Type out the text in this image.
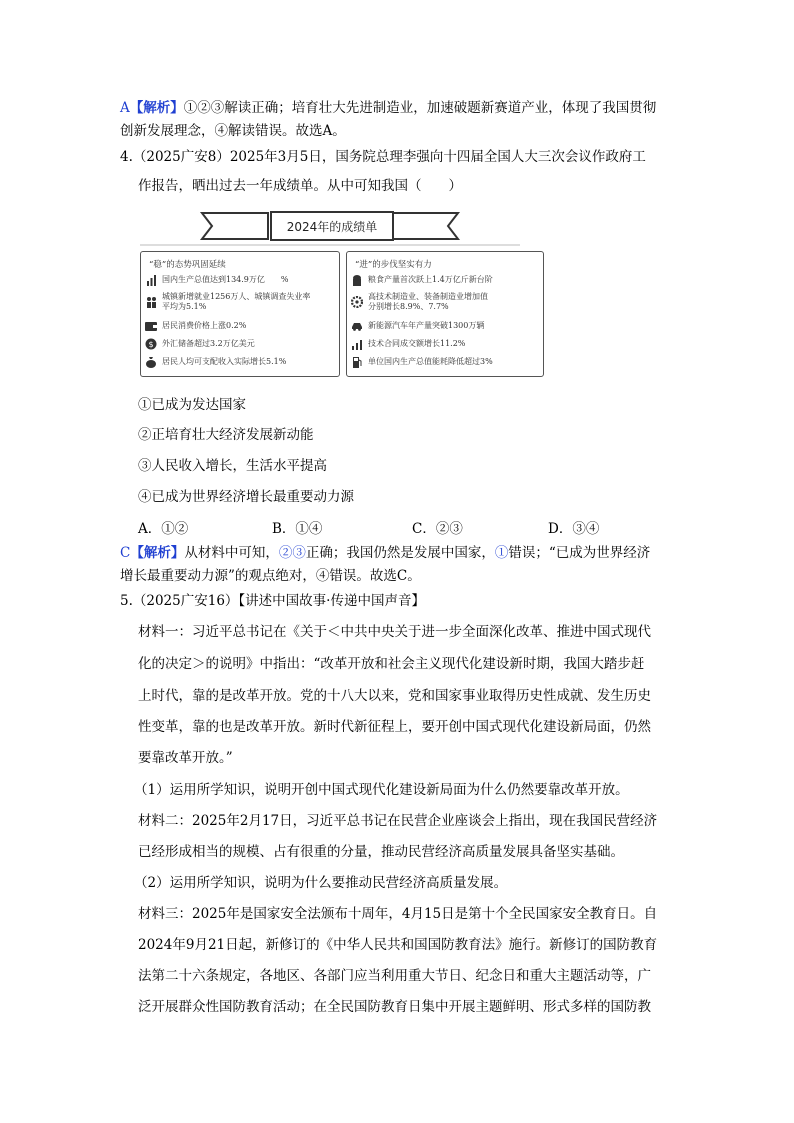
A【解析】①②③解读正确；培育壮大先进制造业，加速破题新赛道产业，体现了我国贯彻
创新发展理念，④解读错误。故选A。
4.（2025广安8）2025年3月5日，国务院总理李强向十四届全国人大三次会议作政府工
作报告，晒出过去一年成绩单。从中可知我国（　　）
2024年的成绩单
“稳”的态势巩固延续
国内生产总值达到134.9万亿　　%
城镇新增就业1256万人、城镇调查失业率
平均为5.1%
居民消费价格上涨0.2%
$ 外汇储备超过3.2万亿美元
居民人均可支配收入实际增长5.1%
“进”的步伐坚实有力
粮食产量首次跃上1.4万亿斤新台阶
高技术制造业、装备制造业增加值
分别增长8.9%、7.7%
新能源汽车年产量突破1300万辆
技术合同成交额增长11.2%
单位国内生产总值能耗降低超过3%
①已成为发达国家
②正培育壮大经济发展新动能
③人民收入增长，生活水平提高
④已成为世界经济增长最重要动力源
A．①②	B．①④	C．②③	D．③④
C【解析】从材料中可知，②③正确；我国仍然是发展中国家，①错误；“已成为世界经济
增长最重要动力源”的观点绝对，④错误。故选C。
5.（2025广安16）【讲述中国故事·传递中国声音】
材料一：习近平总书记在《关于＜中共中央关于进一步全面深化改革、推进中国式现代
化的决定＞的说明》中指出：“改革开放和社会主义现代化建设新时期，我国大踏步赶
上时代，靠的是改革开放。党的十八大以来，党和国家事业取得历史性成就、发生历史
性变革，靠的也是改革开放。新时代新征程上，要开创中国式现代化建设新局面，仍然
要靠改革开放。”
（1）运用所学知识，说明开创中国式现代化建设新局面为什么仍然要靠改革开放。
材料二：2025年2月17日，习近平总书记在民营企业座谈会上指出，现在我国民营经济
已经形成相当的规模、占有很重的分量，推动民营经济高质量发展具备坚实基础。
（2）运用所学知识，说明为什么要推动民营经济高质量发展。
材料三：2025年是国家安全法颁布十周年，4月15日是第十个全民国家安全教育日。自
2024年9月21日起，新修订的《中华人民共和国国防教育法》施行。新修订的国防教育
法第二十六条规定，各地区、各部门应当利用重大节日、纪念日和重大主题活动等，广
泛开展群众性国防教育活动；在全民国防教育日集中开展主题鲜明、形式多样的国防教
